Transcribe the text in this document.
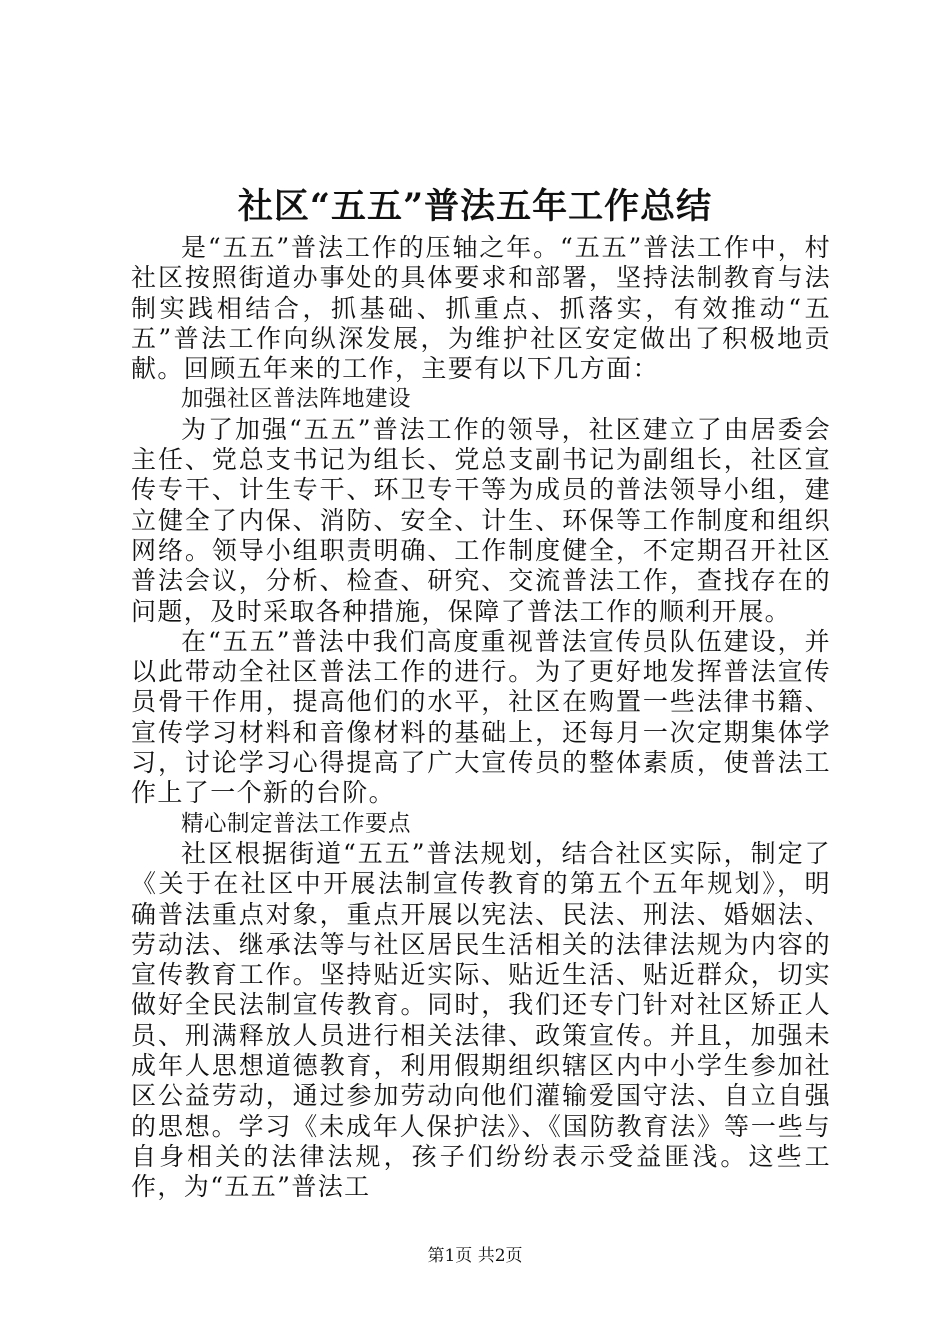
社区“五五”普法五年工作总结

是“五五”普法工作的压轴之年。“五五”普法工作中，村社区按照街道办事处的具体要求和部署，坚持法制教育与法制实践相结合，抓基础、抓重点、抓落实，有效推动“五五”普法工作向纵深发展，为维护社区安定做出了积极地贡献。回顾五年来的工作，主要有以下几方面：

加强社区普法阵地建设

为了加强“五五”普法工作的领导，社区建立了由居委会主任、党总支书记为组长、党总支副书记为副组长，社区宣传专干、计生专干、环卫专干等为成员的普法领导小组，建立健全了内保、消防、安全、计生、环保等工作制度和组织网络。领导小组职责明确、工作制度健全，不定期召开社区普法会议，分析、检查、研究、交流普法工作，查找存在的问题，及时采取各种措施，保障了普法工作的顺利开展。

在“五五”普法中我们高度重视普法宣传员队伍建设，并以此带动全社区普法工作的进行。为了更好地发挥普法宣传员骨干作用，提高他们的水平，社区在购置一些法律书籍、宣传学习材料和音像材料的基础上，还每月一次定期集体学习，讨论学习心得提高了广大宣传员的整体素质，使普法工作上了一个新的台阶。

精心制定普法工作要点

社区根据街道“五五”普法规划，结合社区实际，制定了《关于在社区中开展法制宣传教育的第五个五年规划》，明确普法重点对象，重点开展以宪法、民法、刑法、婚姻法、劳动法、继承法等与社区居民生活相关的法律法规为内容的宣传教育工作。坚持贴近实际、贴近生活、贴近群众，切实做好全民法制宣传教育。同时，我们还专门针对社区矫正人员、刑满释放人员进行相关法律、政策宣传。并且，加强未成年人思想道德教育，利用假期组织辖区内中小学生参加社区公益劳动，通过参加劳动向他们灌输爱国守法、自立自强的思想。学习《未成年人保护法》、《国防教育法》等一些与自身相关的法律法规，孩子们纷纷表示受益匪浅。这些工作，为“五五”普法工

第1页 共2页
